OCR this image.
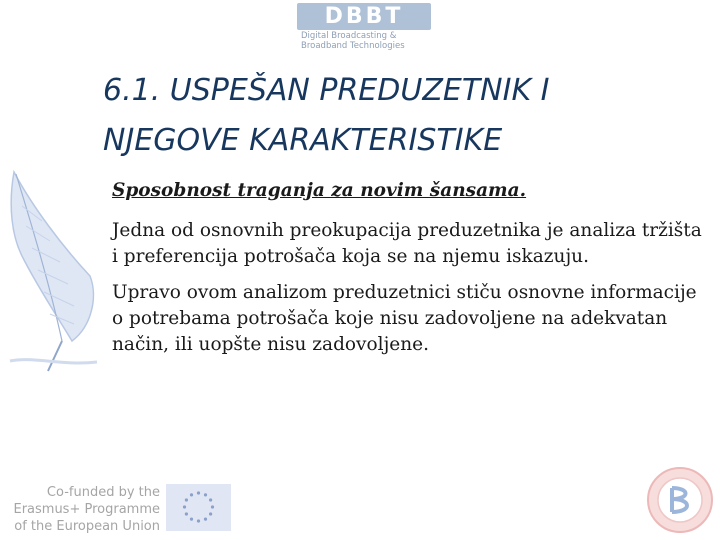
DBBT
Digital Broadcasting &
Broadband Technologies
6.1. USPEŠAN PREDUZETNIK I
NJEGOVE KARAKTERISTIKE

Sposobnost traganja za novim šansama.

Jedna od osnovnih preokupacija preduzetnika je analiza tržišta i preferencija potrošača koja se na njemu iskazuju.

Upravo ovom analizom preduzetnici stiču osnovne informacije o potrebama potrošača koje nisu zadovoljene na adekvatan način, ili uopšte nisu zadovoljene.

Co-funded by the
Erasmus+ Programme
of the European Union
